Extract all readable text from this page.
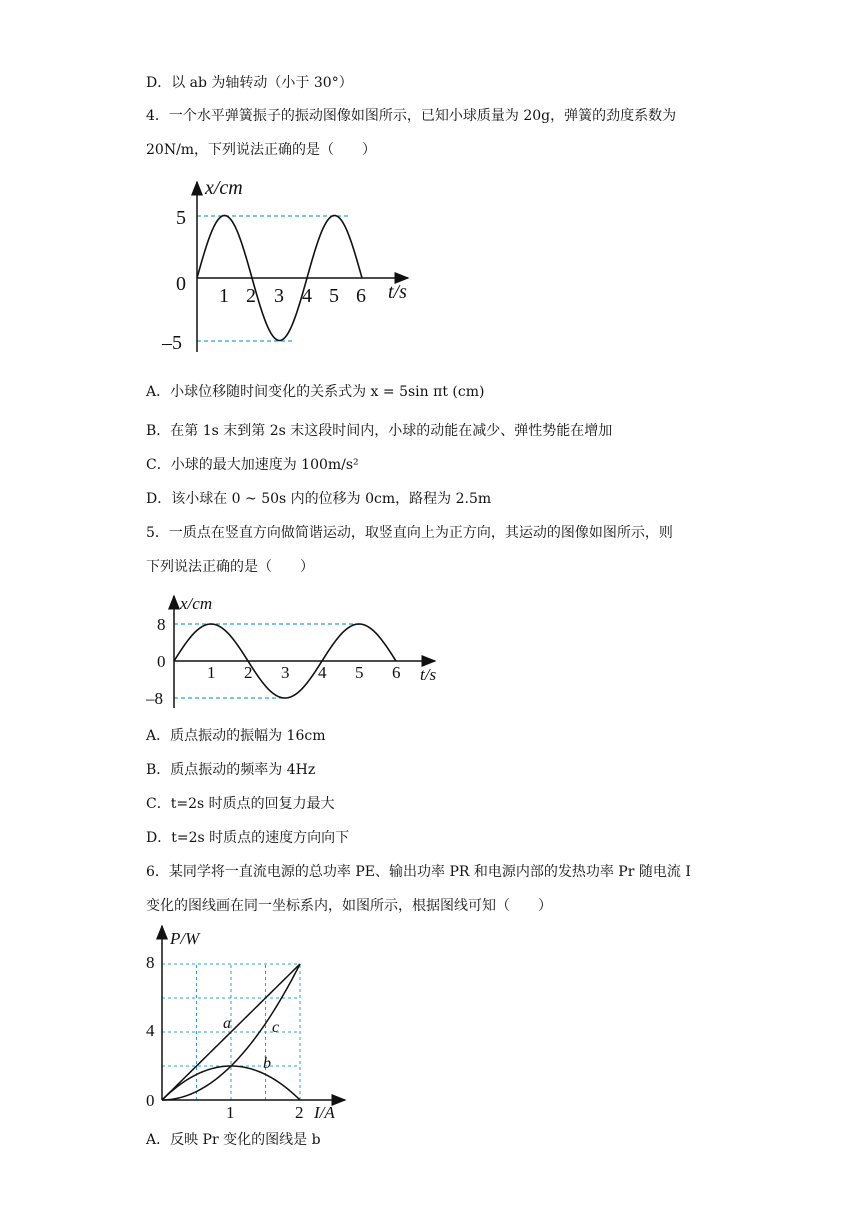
D．以 ab 为轴转动（小于 30°）
4．一个水平弹簧振子的振动图像如图所示，已知小球质量为 20g，弹簧的劲度系数为
20N/m，下列说法正确的是（　　）
x/cm
t/s
0
5
–5
1 2 3 4 5 6
A．小球位移随时间变化的关系式为 x = 5sin πt (cm)
B．在第 1s 末到第 2s 末这段时间内，小球的动能在减少、弹性势能在增加
C．小球的最大加速度为 100m/s²
D．该小球在 0 ~ 50s 内的位移为 0cm，路程为 2.5m
5．一质点在竖直方向做简谐运动，取竖直向上为正方向，其运动的图像如图所示，则
下列说法正确的是（　　）
x/cm
t/s
0
8
–8
1 2 3 4 5 6
A．质点振动的振幅为 16cm
B．质点振动的频率为 4Hz
C．t=2s 时质点的回复力最大
D．t=2s 时质点的速度方向向下
6．某同学将一直流电源的总功率 PE、输出功率 PR 和电源内部的发热功率 Pr 随电流 I
变化的图线画在同一坐标系内，如图所示，根据图线可知（　　）
P/W
I/A
0
8
4
1	2
a	c
b
A．反映 Pr 变化的图线是 b
